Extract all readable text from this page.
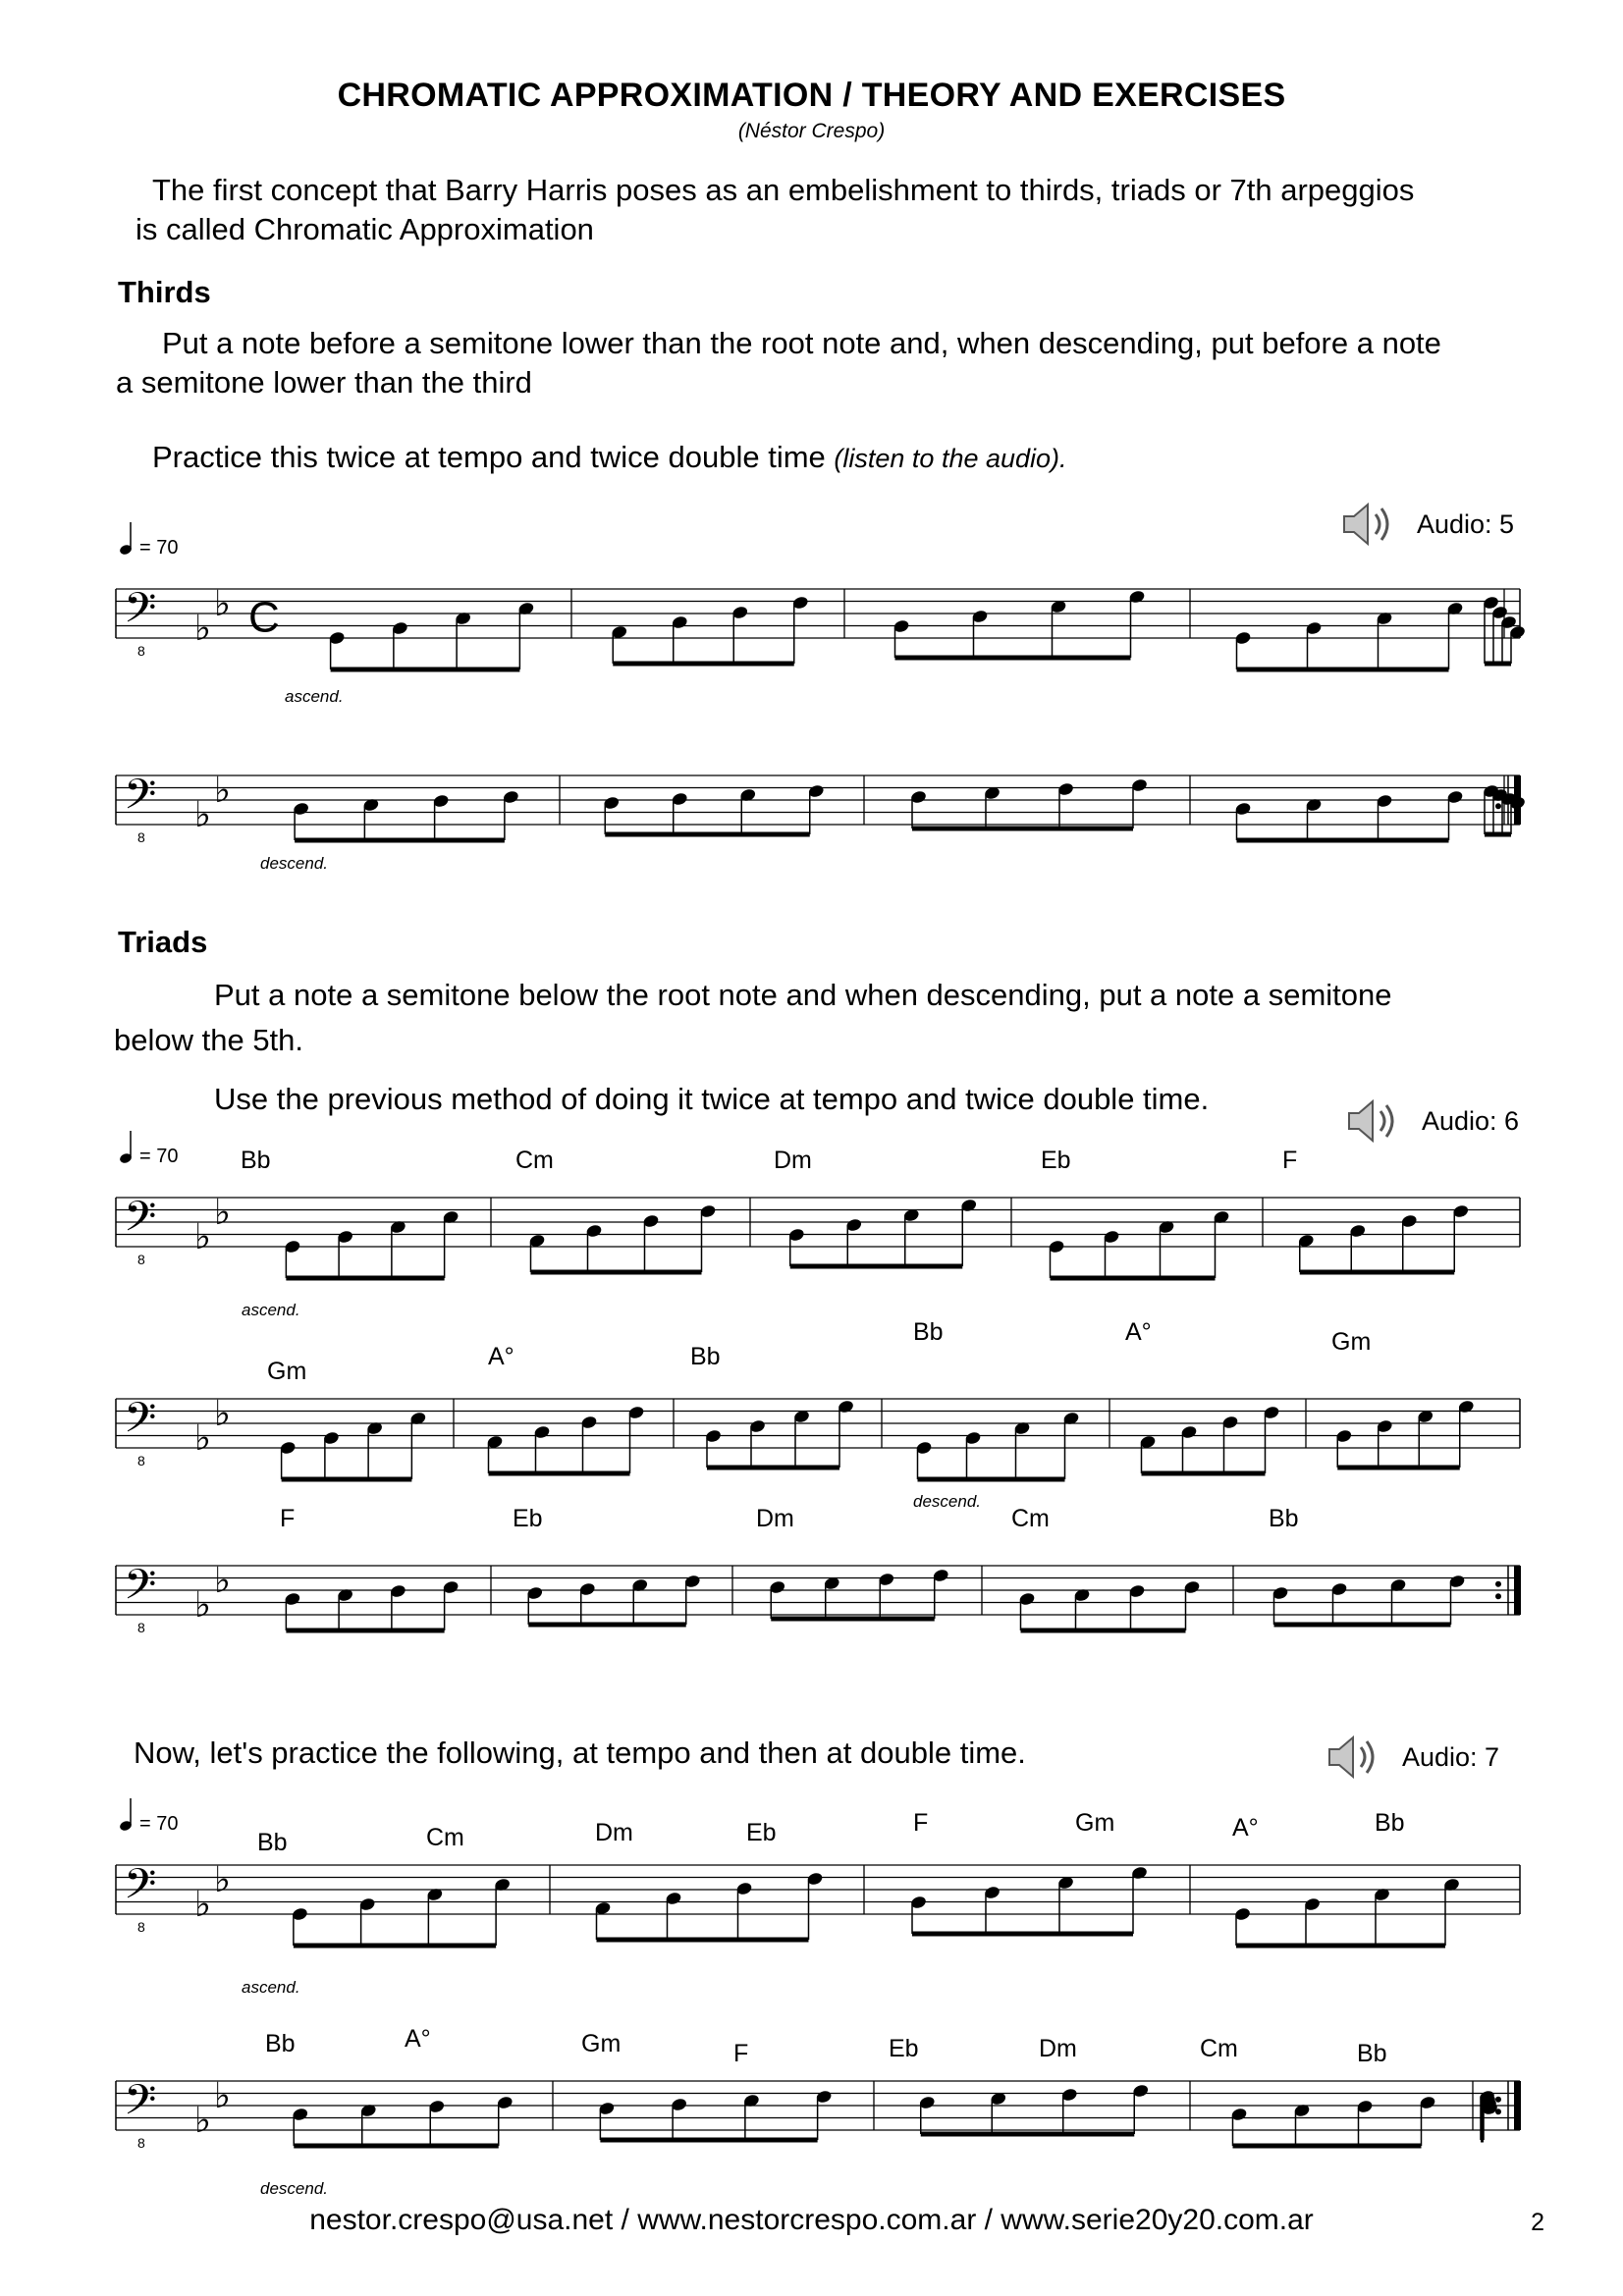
CHROMATIC APPROXIMATION / THEORY AND EXERCISES
(Néstor Crespo)
The first concept that Barry Harris poses as an embelishment to thirds, triads or 7th arpeggios
is called Chromatic Approximation
Thirds
Put a note before a semitone lower than the root note and, when descending, put before a note
a semitone lower than the third
Practice this twice at tempo and twice double time (listen to the audio).
Audio: 5
𝄢
8
♭
♭ C
= 70
ascend.
𝄢
8
♭
♭
descend.
Triads
Put a note a semitone below the root note and when descending, put a note a semitone
below the 5th.
Use the previous method of doing it twice at tempo and twice double time.
Audio: 6
𝄢
8
♭
♭
= 70
ascend.
Bb	Cm	Dm	Eb	F
𝄢
8
♭
♭
descend.
Gm
A°	Bb
Bb	A°	Gm
𝄢
8
♭
♭
F	Eb	Dm	Cm	Bb
Now, let's practice the following, at tempo and then at double time.	Audio: 7
𝄢
8
♭
♭
= 70
ascend.
Bb	Cm	Dm	Eb	F	Gm	A°	Bb
𝄢
8
♭
♭
descend.
Bb	A°	Gm	F	Eb	Dm	Cm	Bb
nestor.crespo@usa.net / www.nestorcrespo.com.ar / www.serie20y20.com.ar	2
